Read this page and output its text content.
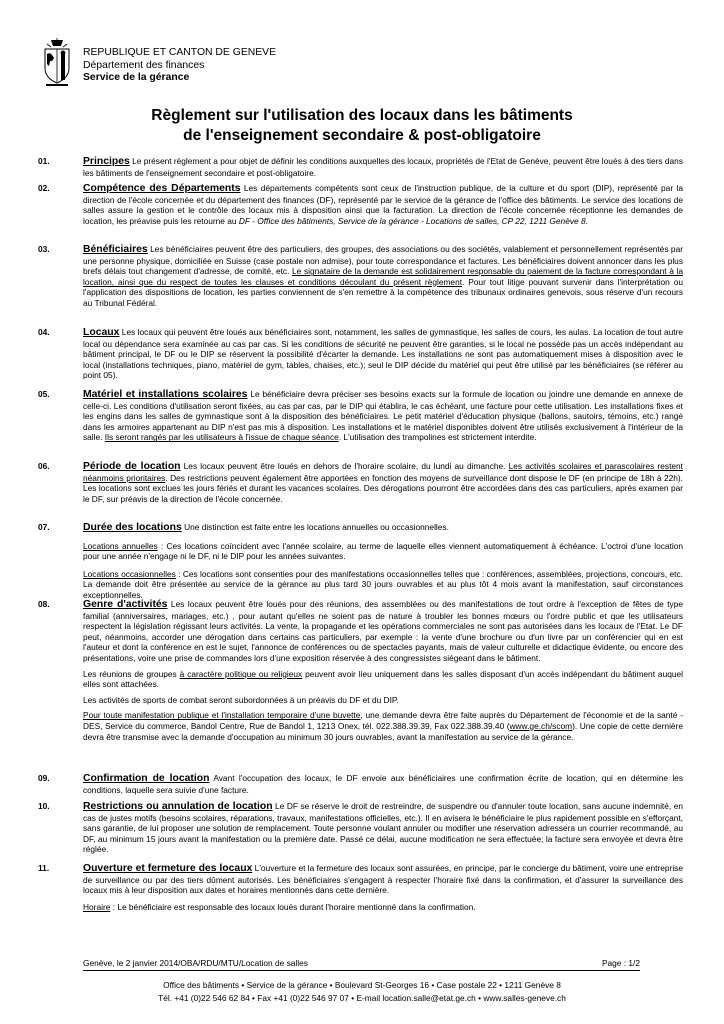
REPUBLIQUE ET CANTON DE GENEVE
Département des finances
Service de la gérance
Règlement sur l'utilisation des locaux dans les bâtiments
de l'enseignement secondaire & post-obligatoire
01.	Principes Le présent règlement a pour objet de définir les conditions auxquelles des locaux, propriétés de l'Etat de Genève, peuvent être loués à des tiers dans les bâtiments de l'enseignement secondaire et post-obligatoire.

02.	Compétence des Départements Les départements compétents sont ceux de l'instruction publique, de la culture et du sport (DIP), représenté par la direction de l'école concernée et du département des finances (DF), représenté par le service de la gérance de l'office des bâtiments. Le service des locations de salles assure la gestion et le contrôle des locaux mis à disposition ainsi que la facturation. La direction de l'école concernée réceptionne les demandes de location, les préavise puis les retourne au DF - Office des bâtiments, Service de la gérance - Locations de salles, CP 22, 1211 Genève 8.

03.	Bénéficiaires Les bénéficiaires peuvent être des particuliers, des groupes, des associations ou des sociétés, valablement et personnellement représentés par une personne physique, domiciliée en Suisse (case postale non admise), pour toute correspondance et factures. Les bénéficiaires doivent annoncer dans les plus brefs délais tout changement d'adresse, de comité, etc. Le signataire de la demande est solidairement responsable du paiement de la facture correspondant à la location, ainsi que du respect de toutes les clauses et conditions découlant du présent règlement. Pour tout litige pouvant survenir dans l'interprétation ou l'application des dispositions de location, les parties conviennent de s'en remettre à la compétence des tribunaux ordinaires genevois, sous réserve d'un recours au Tribunal Fédéral.

04.	Locaux Les locaux qui peuvent être loués aux bénéficiaires sont, notamment, les salles de gymnastique, les salles de cours, les aulas. La location de tout autre local ou dépendance sera examinée au cas par cas. Si les conditions de sécurité ne peuvent être garanties, si le local ne possède pas un accès indépendant au bâtiment principal, le DF ou le DIP se réservent la possibilité d'écarter la demande. Les installations ne sont pas automatiquement mises à disposition avec le local (installations techniques, piano, matériel de gym, tables, chaises, etc.); seul le DIP décide du matériel qui peut être utilisé par les bénéficiaires (se référer au point 05).

05.	Matériel et installations scolaires Le bénéficiaire devra préciser ses besoins exacts sur la formule de location ou joindre une demande en annexe de celle-ci. Les conditions d'utilisation seront fixées, au cas par cas, par le DIP qui établira, le cas échéant, une facture pour cette utilisation. Les installations fixes et les engins dans les salles de gymnastique sont à la disposition des bénéficiaires. Le petit matériel d'éducation physique (ballons, sautoirs, témoins, etc.) rangé dans les armoires appartenant au DIP n'est pas mis à disposition. Les installations et le matériel disponibles doivent être utilisés exclusivement à l'intérieur de la salle. Ils seront rangés par les utilisateurs à l'issue de chaque séance. L'utilisation des trampolines est strictement interdite.

06.	Période de location Les locaux peuvent être loués en dehors de l'horaire scolaire, du lundi au dimanche. Les activités scolaires et parascolaires restent néanmoins prioritaires. Des restrictions peuvent également être apportées en fonction des moyens de surveillance dont dispose le DF (en principe de 18h à 22h). Les locations sont exclues les jours fériés et durant les vacances scolaires. Des dérogations pourront être accordées dans des cas particuliers, après examen par le DF, sur préavis de la direction de l'école concernée.

07.	Durée des locations Une distinction est faite entre les locations annuelles ou occasionnelles.

Locations annuelles : Ces locations coïncident avec l'année scolaire, au terme de laquelle elles viennent automatiquement à échéance. L'octroi d'une location pour une année n'engage ni le DF, ni le DIP pour les années suivantes.

Locations occasionnelles : Ces locations sont consenties pour des manifestations occasionnelles telles que : conférences, assemblées, projections, concours, etc. La demande doit être présentée au service de la gérance au plus tard 30 jours ouvrables et au plus tôt 4 mois avant la manifestation, sauf circonstances exceptionnelles.

08.	Genre d'activités Les locaux peuvent être loués pour des réunions, des assemblées ou des manifestations de tout ordre à l'exception de fêtes de type familial (anniversaires, mariages, etc.) , pour autant qu'elles ne soient pas de nature à troubler les bonnes mœurs ou l'ordre public et que les utilisateurs respectent la législation régissant leurs activités. La vente, la propagande et les opérations commerciales ne sont pas autorisées dans les locaux de l'Etat. Le DF peut, néanmoins, accorder une dérogation dans certains cas particuliers, par exemple : la vente d'une brochure ou d'un livre par un conférencier qui en est l'auteur et dont la conférence en est le sujet, l'annonce de conférences ou de spectacles payants, mais de valeur culturelle et didactique évidente, ou encore des présentations, voire une prise de commandes lors d'une exposition réservée à des congressistes siégeant dans le bâtiment.

Les réunions de groupes à caractère politique ou religieux peuvent avoir lieu uniquement dans les salles disposant d'un accès indépendant du bâtiment auquel elles sont attachées.

Les activités de sports de combat seront subordonnées à un préavis du DF et du DIP.

Pour toute manifestation publique et l'installation temporaire d'une buvette, une demande devra être faite auprès du Département de l'économie et de la santé - DES, Service du commerce, Bandol Centre, Rue de Bandol 1, 1213 Onex, tél. 022.388.39.39, Fax 022.388.39.40 (www.ge.ch/scom). Une copie de cette dernière devra être transmise avec la demande d'occupation au minimum 30 jours ouvrables, avant la manifestation au service de la gérance.

09.	Confirmation de location Avant l'occupation des locaux, le DF envoie aux bénéficiaires une confirmation écrite de location, qui en détermine les conditions, laquelle sera suivie d'une facture.

10.	Restrictions ou annulation de location Le DF se réserve le droit de restreindre, de suspendre ou d'annuler toute location, sans aucune indemnité, en cas de justes motifs (besoins scolaires, réparations, travaux, manifestations officielles, etc.). Il en avisera le bénéficiaire le plus rapidement possible en s'efforçant, sans garantie, de lui proposer une solution de remplacement. Toute personne voulant annuler ou modifier une réservation adressera un courrier recommandé, au DF, au minimum 15 jours avant la manifestation ou la première date. Passé ce délai, aucune modification ne sera effectuée; la facture sera envoyée et devra être réglée.

11.	Ouverture et fermeture des locaux L'ouverture et la fermeture des locaux sont assurées, en principe, par le concierge du bâtiment, voire une entreprise de surveillance ou par des tiers dûment autorisés. Les bénéficiaires s'engagent à respecter l'horaire fixé dans la confirmation, et d'assurer la surveillance des locaux mis à leur disposition aux dates et horaires mentionnés dans cette dernière.

Horaire : Le bénéficiaire est responsable des locaux loués durant l'horaire mentionné dans la confirmation.

Genève, le 2 janvier 2014/OBA/RDU/MTU/Location de salles	Page : 1/2
Office des bâtiments • Service de la gérance • Boulevard St-Georges 16 • Case postale 22 • 1211 Genève 8
Tél. +41 (0)22 546 62 84 • Fax +41 (0)22 546 97 07 • E-mail location.salle@etat.ge.ch • www.salles-geneve.ch
